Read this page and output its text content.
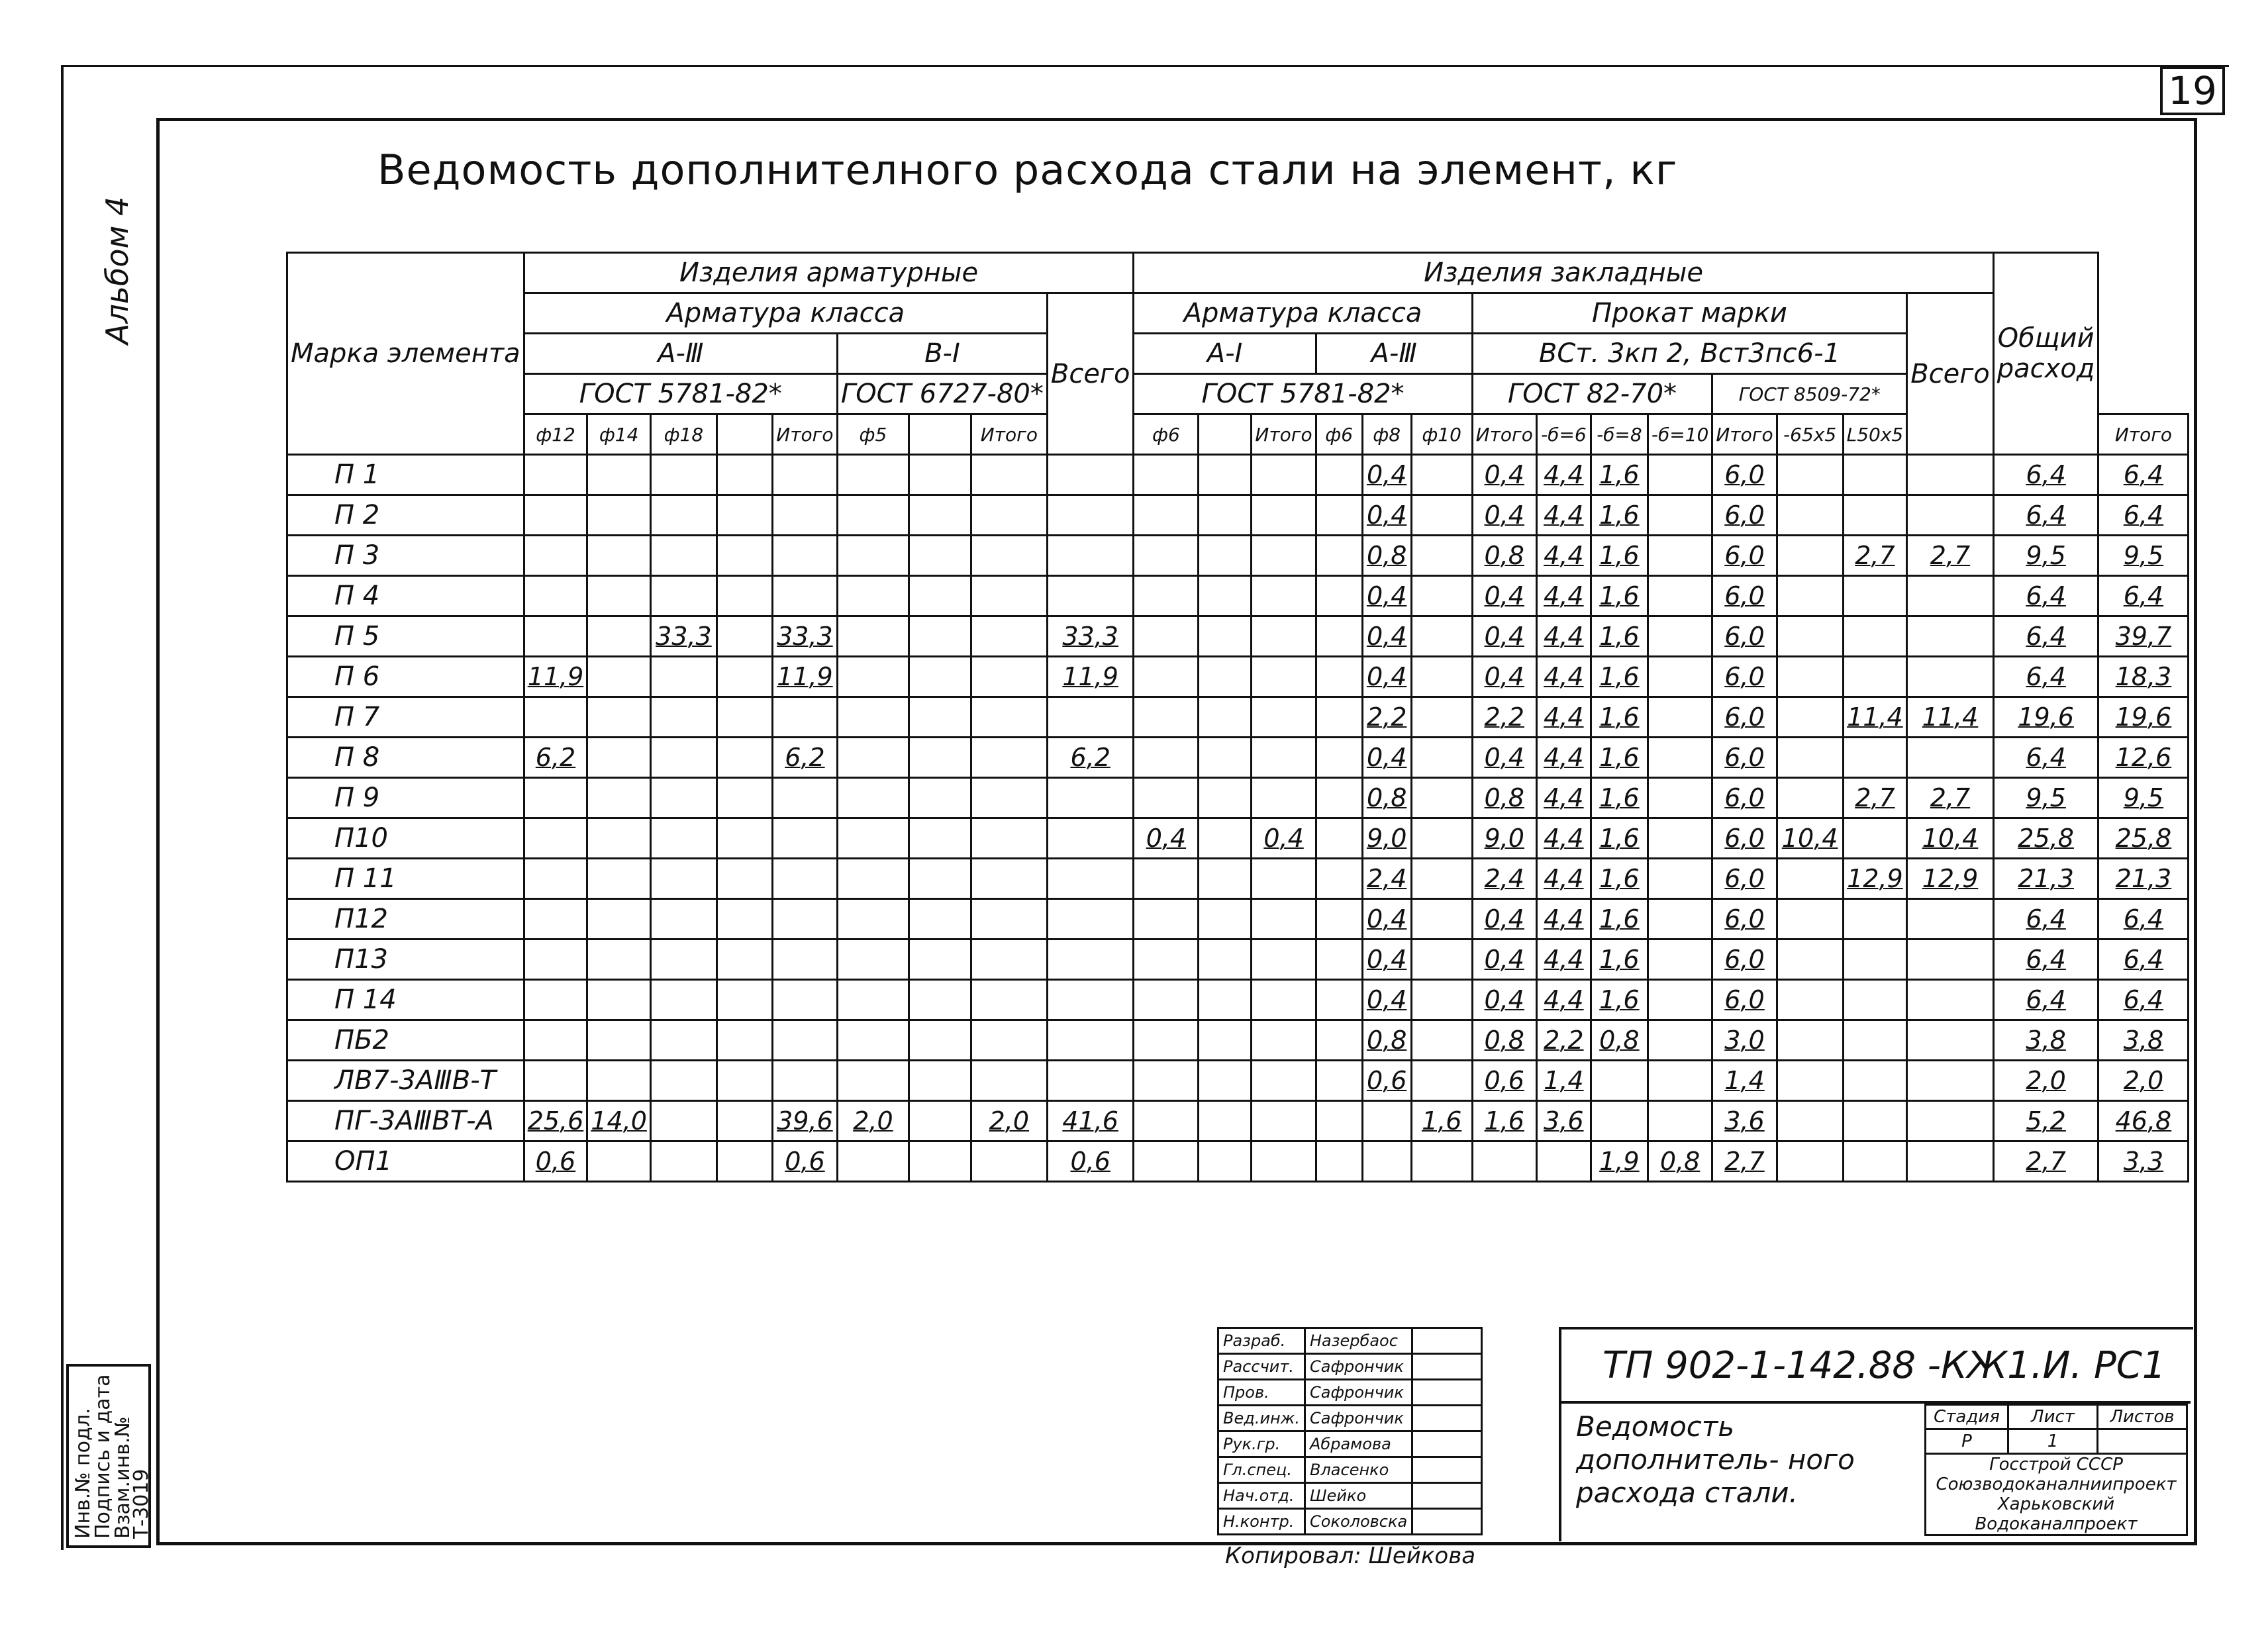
19
Альбом 4
Ведомость дополнителного расхода стали на элемент, кг
Марка элемента	Изделия арматурные									Изделия закладные														Общий расход	
	Арматура класса								Всего	Арматура класса						Прокат марки							Всего		
	А-Ⅲ					В-Ⅰ				А-Ⅰ			А-Ⅲ			ВСт. 3кп 2, Вст3пс6-1									
	ГОСТ 5781-82*					ГОСТ 6727-80*				ГОСТ 5781-82*						ГОСТ 82-70*				ГОСТ 8509-72*					
	ф12	ф14	ф18		Итого	ф5		Итого		ф6		Итого	ф6	ф8	ф10	Итого	-б=6	-б=8	-б=10	Итого	-65х5	L50х5			Итого
П 1														0,4		0,4	4,4	1,6		6,0				6,4	6,4
П 2														0,4		0,4	4,4	1,6		6,0				6,4	6,4
П 3														0,8		0,8	4,4	1,6		6,0		2,7	2,7	9,5	9,5
П 4														0,4		0,4	4,4	1,6		6,0				6,4	6,4
П 5			33,3		33,3				33,3					0,4		0,4	4,4	1,6		6,0				6,4	39,7
П 6	11,9				11,9				11,9					0,4		0,4	4,4	1,6		6,0				6,4	18,3
П 7														2,2		2,2	4,4	1,6		6,0		11,4	11,4	19,6	19,6
П 8	6,2				6,2				6,2					0,4		0,4	4,4	1,6		6,0				6,4	12,6
П 9														0,8		0,8	4,4	1,6		6,0		2,7	2,7	9,5	9,5
П10										0,4		0,4		9,0		9,0	4,4	1,6		6,0	10,4		10,4	25,8	25,8
П 11														2,4		2,4	4,4	1,6		6,0		12,9	12,9	21,3	21,3
П12														0,4		0,4	4,4	1,6		6,0				6,4	6,4
П13														0,4		0,4	4,4	1,6		6,0				6,4	6,4
П 14														0,4		0,4	4,4	1,6		6,0				6,4	6,4
ПБ2														0,8		0,8	2,2	0,8		3,0				3,8	3,8
ЛВ7-3АⅢВ-Т														0,6		0,6	1,4			1,4				2,0	2,0
ПГ-3АⅢВТ-А	25,6	14,0			39,6	2,0		2,0	41,6						1,6	1,6	3,6			3,6				5,2	46,8
ОП1	0,6				0,6				0,6									1,9	0,8	2,7				2,7	3,3
Инв.№ подл.
Подпись и дата
Взам.инв.№
Т-3019
Разраб.	Назербаос	
Рассчит.	Сафрончик	
Пров.	Сафрончик	
Вед.инж.	Сафрончик	
Рук.гр.	Абрамова	
Гл.спец.	Власенко	
Нач.отд.	Шейко	
Н.контр.	Соколовска	
ТП 902-1-142.88 -КЖ1.И. РС1
Ведомость дополнитель- ного расхода стали.
Стадия	Лист	Листов
Р	1	
Госстрой СССР Союзводоканалниипроект Харьковский Водоканалпроект		
Копировал: Шейкова
